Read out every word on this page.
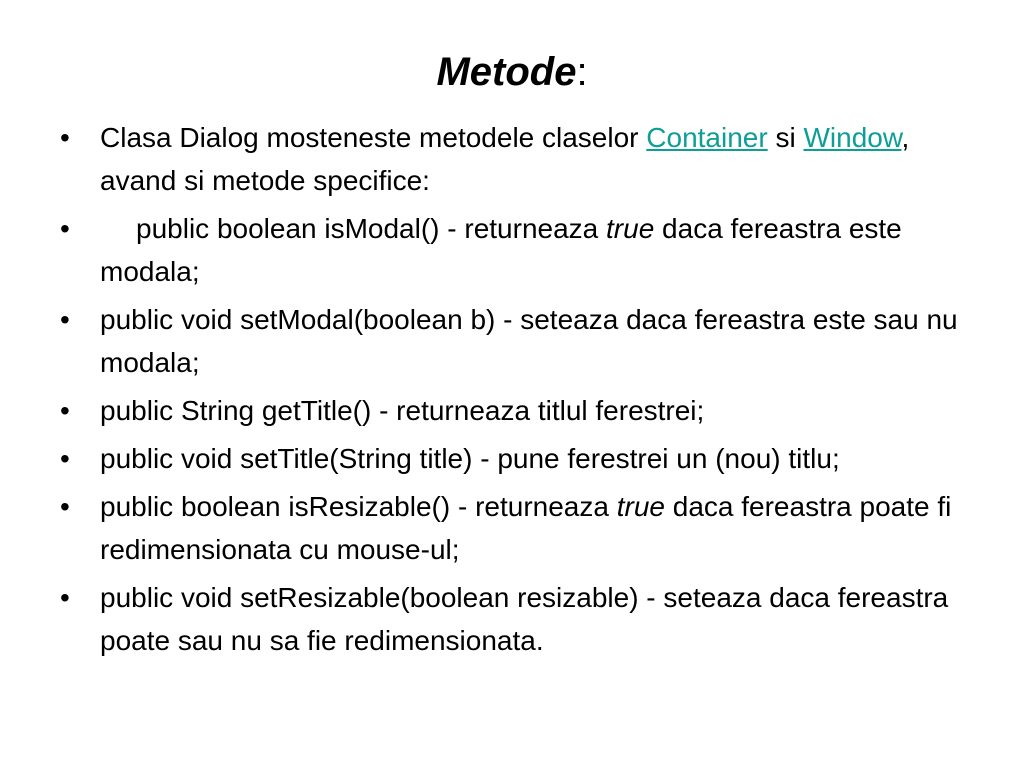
Metode:
• Clasa Dialog mosteneste metodele claselor Container si Window, avand si metode specifice:
• public boolean isModal() - returneaza true daca fereastra este modala;
• public void setModal(boolean b) - seteaza daca fereastra este sau nu modala;
• public String getTitle() - returneaza titlul ferestrei;
• public void setTitle(String title) - pune ferestrei un (nou) titlu;
• public boolean isResizable() - returneaza true daca fereastra poate fi redimensionata cu mouse-ul;
• public void setResizable(boolean resizable) - seteaza daca fereastra poate sau nu sa fie redimensionata.
